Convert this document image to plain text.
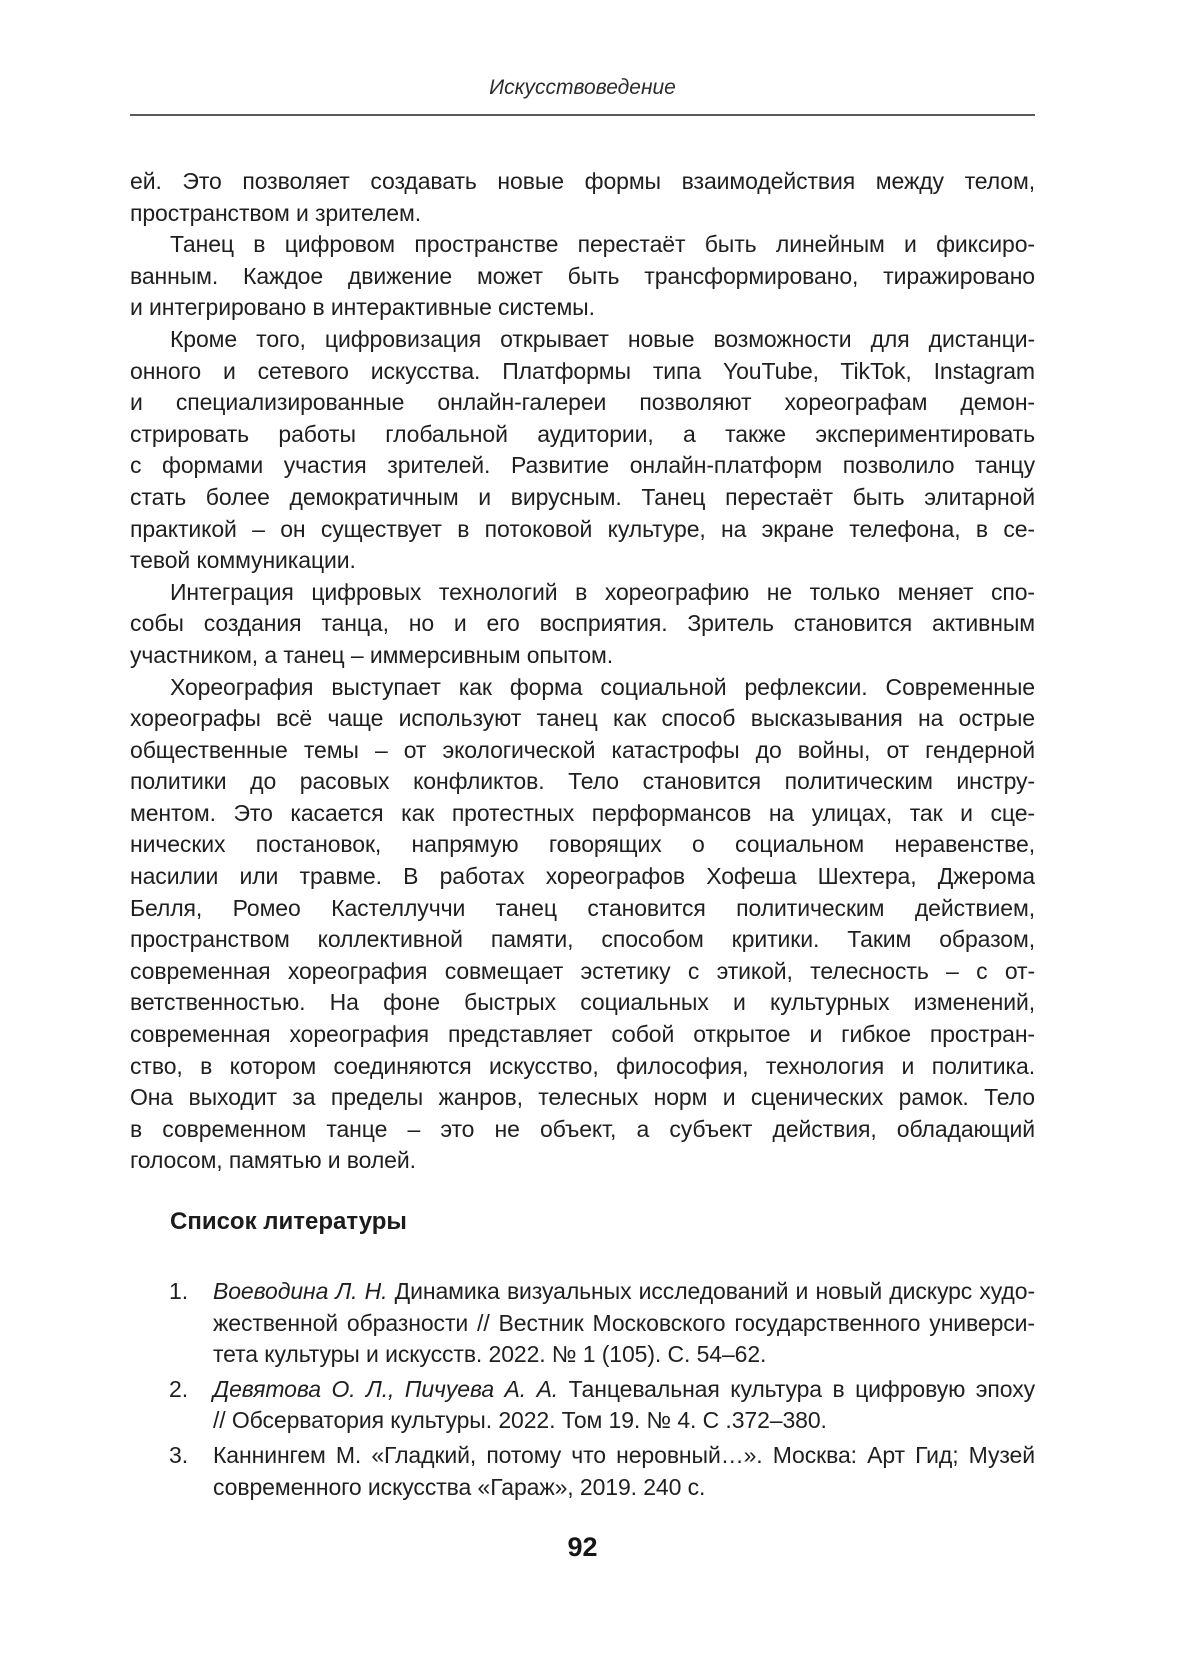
Искусствоведение
ей. Это позволяет создавать новые формы взаимодействия между телом,
пространством и зрителем.
Танец в цифровом пространстве перестаёт быть линейным и фиксиро-
ванным. Каждое движение может быть трансформировано, тиражировано
и интегрировано в интерактивные системы.
Кроме того, цифровизация открывает новые возможности для дистанци-
онного и сетевого искусства. Платформы типа YouTube, TikTok, Instagram
и специализированные онлайн-галереи позволяют хореографам демон-
стрировать работы глобальной аудитории, а также экспериментировать
с формами участия зрителей. Развитие онлайн-платформ позволило танцу
стать более демократичным и вирусным. Танец перестаёт быть элитарной
практикой – он существует в потоковой культуре, на экране телефона, в се-
тевой коммуникации.
Интеграция цифровых технологий в хореографию не только меняет спо-
собы создания танца, но и его восприятия. Зритель становится активным
участником, а танец – иммерсивным опытом.
Хореография выступает как форма социальной рефлексии. Современные
хореографы всё чаще используют танец как способ высказывания на острые
общественные темы – от экологической катастрофы до войны, от гендерной
политики до расовых конфликтов. Тело становится политическим инстру-
ментом. Это касается как протестных перформансов на улицах, так и сце-
нических постановок, напрямую говорящих о социальном неравенстве,
насилии или травме. В работах хореографов Хофеша Шехтера, Джерома
Белля, Ромео Кастеллуччи танец становится политическим действием,
пространством коллективной памяти, способом критики. Таким образом,
современная хореография совмещает эстетику с этикой, телесность – с от-
ветственностью. На фоне быстрых социальных и культурных изменений,
современная хореография представляет собой открытое и гибкое простран-
ство, в котором соединяются искусство, философия, технология и политика.
Она выходит за пределы жанров, телесных норм и сценических рамок. Тело
в современном танце – это не объект, а субъект действия, обладающий
голосом, памятью и волей.
Список литературы
1.	Воеводина Л. Н. Динамика визуальных исследований и новый дискурс худо-
жественной образности // Вестник Московского государственного универси-
тета культуры и искусств. 2022. № 1 (105). С. 54–62.
2.	Девятова О. Л., Пичуева А. А. Танцевальная культура в цифровую эпоху
// Обсерватория культуры. 2022. Том 19. № 4. С .372–380.
3.	Каннингем М. «Гладкий, потому что неровный…». Москва: Арт Гид; Музей
современного искусства «Гараж», 2019. 240 с.
92
